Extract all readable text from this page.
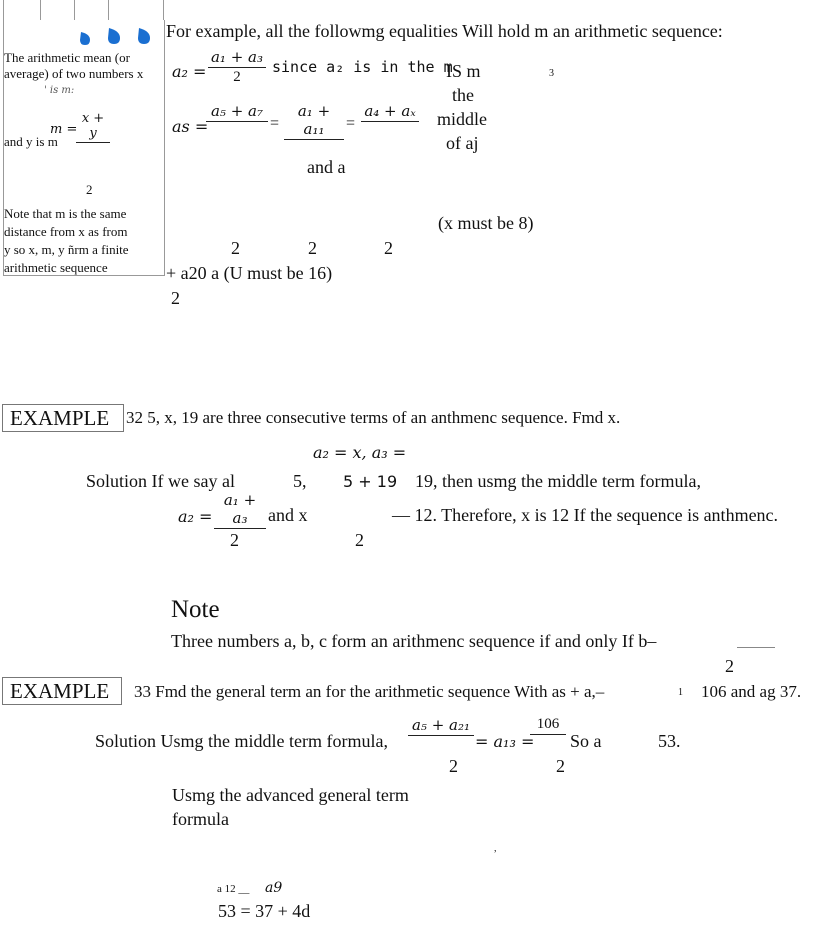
The arithmetic mean (or
average) of two numbers x
' is m:
m =
x + y
and y is m
2
Note that m is the same
distance from x as from
y so x, m, y ñrm a finite
arithmetic sequence
For example, all the followmg equalities Will hold m an arithmetic sequence:
a₂ =
a₁ + a₃
2
since a₂ is in the m
IS m
the
middle
of aj
3
as =
a₅ + a₇
=
a₁ + a₁₁	=
a₄ + aₓ
and a
(x must be 8)
2	2	2
+ a20 a (U must be 16)
2
EXAMPLE 32 5, x, 19 are three consecutive terms of an anthmenc sequence. Fmd x.
a₂ = x, a₃ =
Solution If we say al	5, 5 + 19 19, then usmg the middle term formula,
a₂ =
a₁ + a₃	and x	— 12. Therefore, x is 12 If the sequence is anthmenc.
2	2
Note
Three numbers a, b, c form an arithmenc sequence if and only If b–
2
EXAMPLE 33 Fmd the general term an for the arithmetic sequence With as + a,–	1 106 and ag 37.
Solution Usmg the middle term formula,
a₅ + a₂₁
= a₁₃ =
106
So a	53.
2	2
Usmg the advanced general term
formula
,
a 12 __ a9
53 = 37 + 4d
